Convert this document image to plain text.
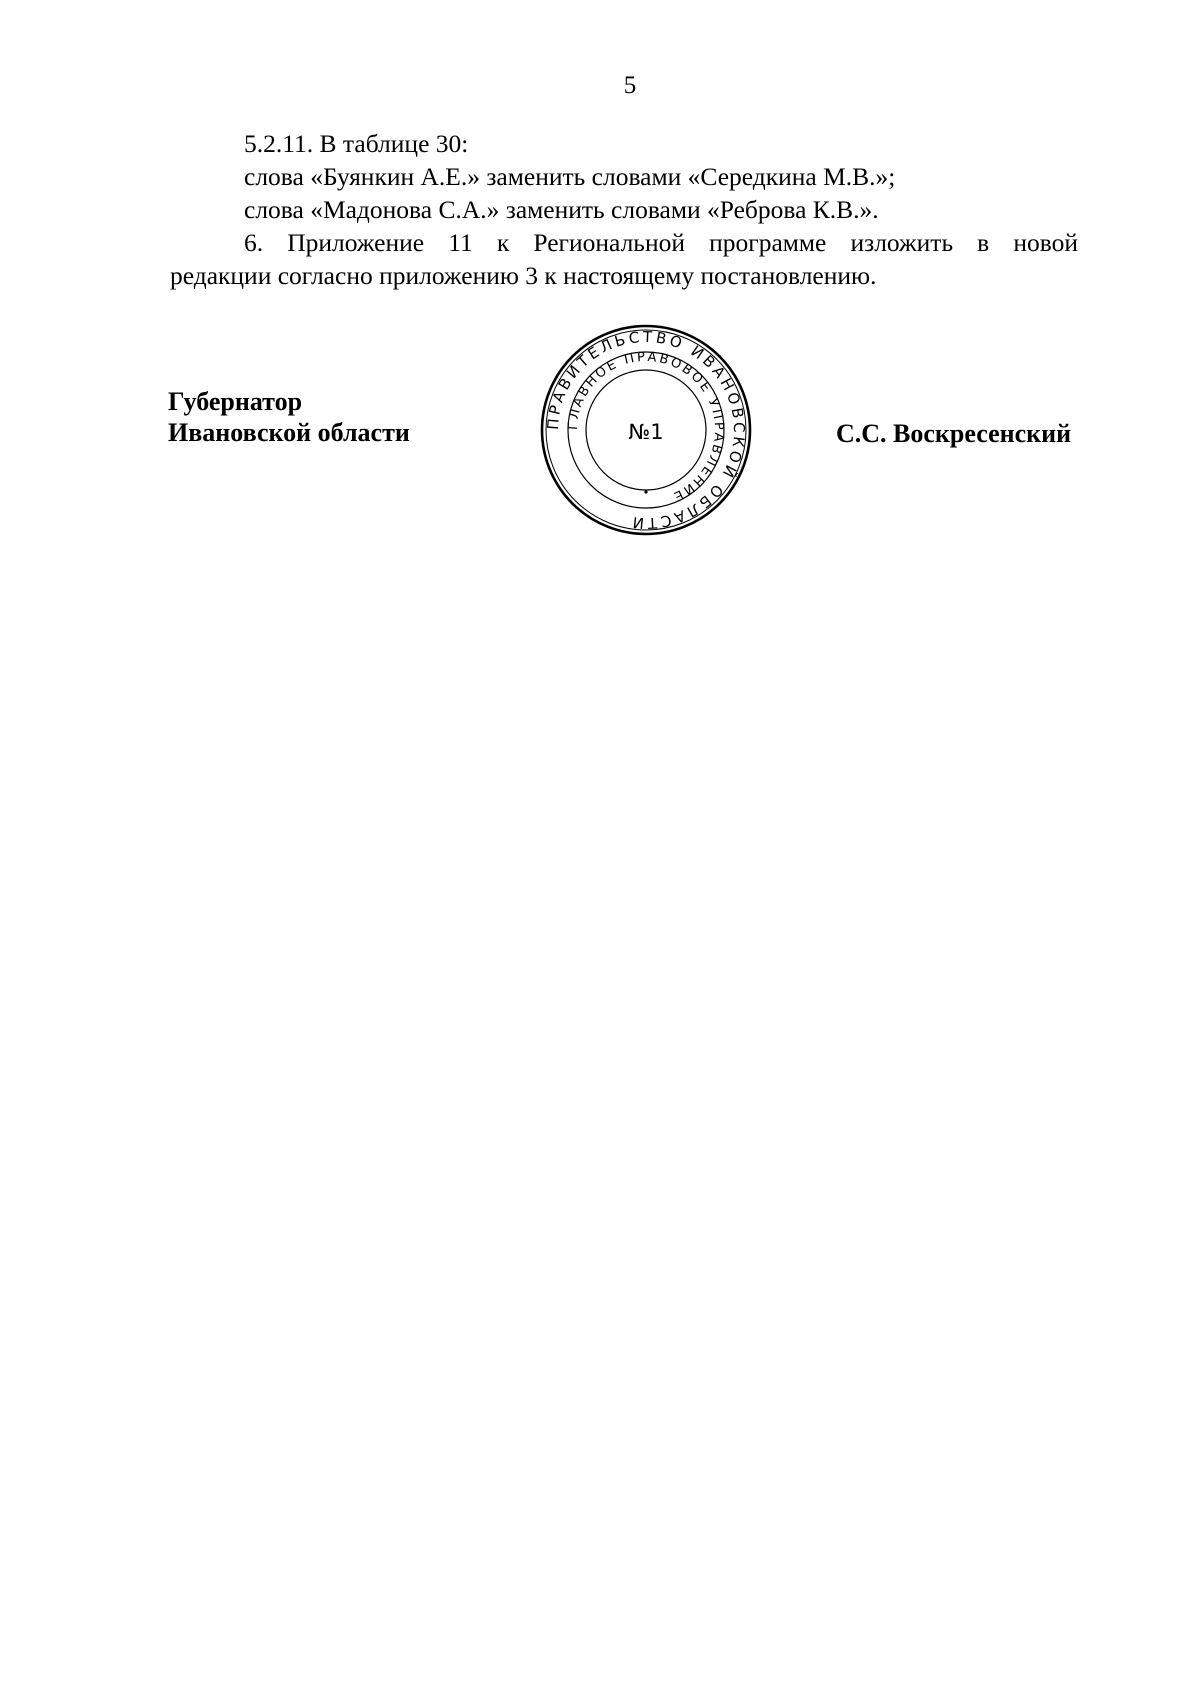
5

5.2.11. В таблице 30:

слова «Буянкин А.Е.» заменить словами «Середкина М.В.»;

слова «Мадонова С.А.» заменить словами «Реброва К.В.».

6. Приложение 11 к Региональной программе изложить в новой

редакции согласно приложению 3 к настоящему постановлению.

Губернатор
Ивановской области	С.С. Воскресенский
ПРАВИТЕЛЬСТВО ИВАНОВСКОЙ ОБЛАСТИ
ГЛАВНОЕ ПРАВОВОЕ УПРАВЛЕНИЕ
№1
